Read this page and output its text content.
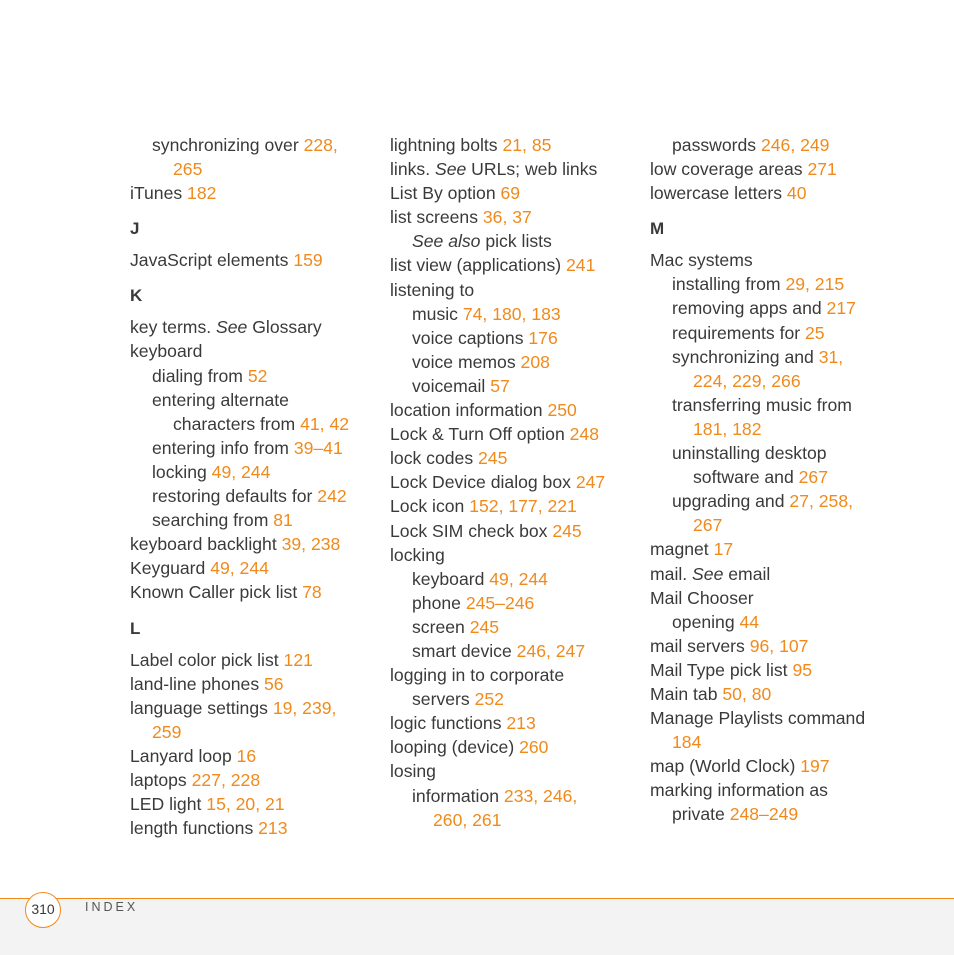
synchronizing over 228,
265
iTunes 182
J
JavaScript elements 159
K
key terms. See Glossary
keyboard
dialing from 52
entering alternate
characters from 41, 42
entering info from 39–41
locking 49, 244
restoring defaults for 242
searching from 81
keyboard backlight 39, 238
Keyguard 49, 244
Known Caller pick list 78
L
Label color pick list 121
land-line phones 56
language settings 19, 239,
259
Lanyard loop 16
laptops 227, 228
LED light 15, 20, 21
length functions 213
lightning bolts 21, 85
links. See URLs; web links
List By option 69
list screens 36, 37
See also pick lists
list view (applications) 241
listening to
music 74, 180, 183
voice captions 176
voice memos 208
voicemail 57
location information 250
Lock & Turn Off option 248
lock codes 245
Lock Device dialog box 247
Lock icon 152, 177, 221
Lock SIM check box 245
locking
keyboard 49, 244
phone 245–246
screen 245
smart device 246, 247
logging in to corporate
servers 252
logic functions 213
looping (device) 260
losing
information 233, 246,
260, 261
passwords 246, 249
low coverage areas 271
lowercase letters 40
M
Mac systems
installing from 29, 215
removing apps and 217
requirements for 25
synchronizing and 31,
224, 229, 266
transferring music from
181, 182
uninstalling desktop
software and 267
upgrading and 27, 258,
267
magnet 17
mail. See email
Mail Chooser
opening 44
mail servers 96, 107
Mail Type pick list 95
Main tab 50, 80
Manage Playlists command
184
map (World Clock) 197
marking information as
private 248–249
310	INDEX
